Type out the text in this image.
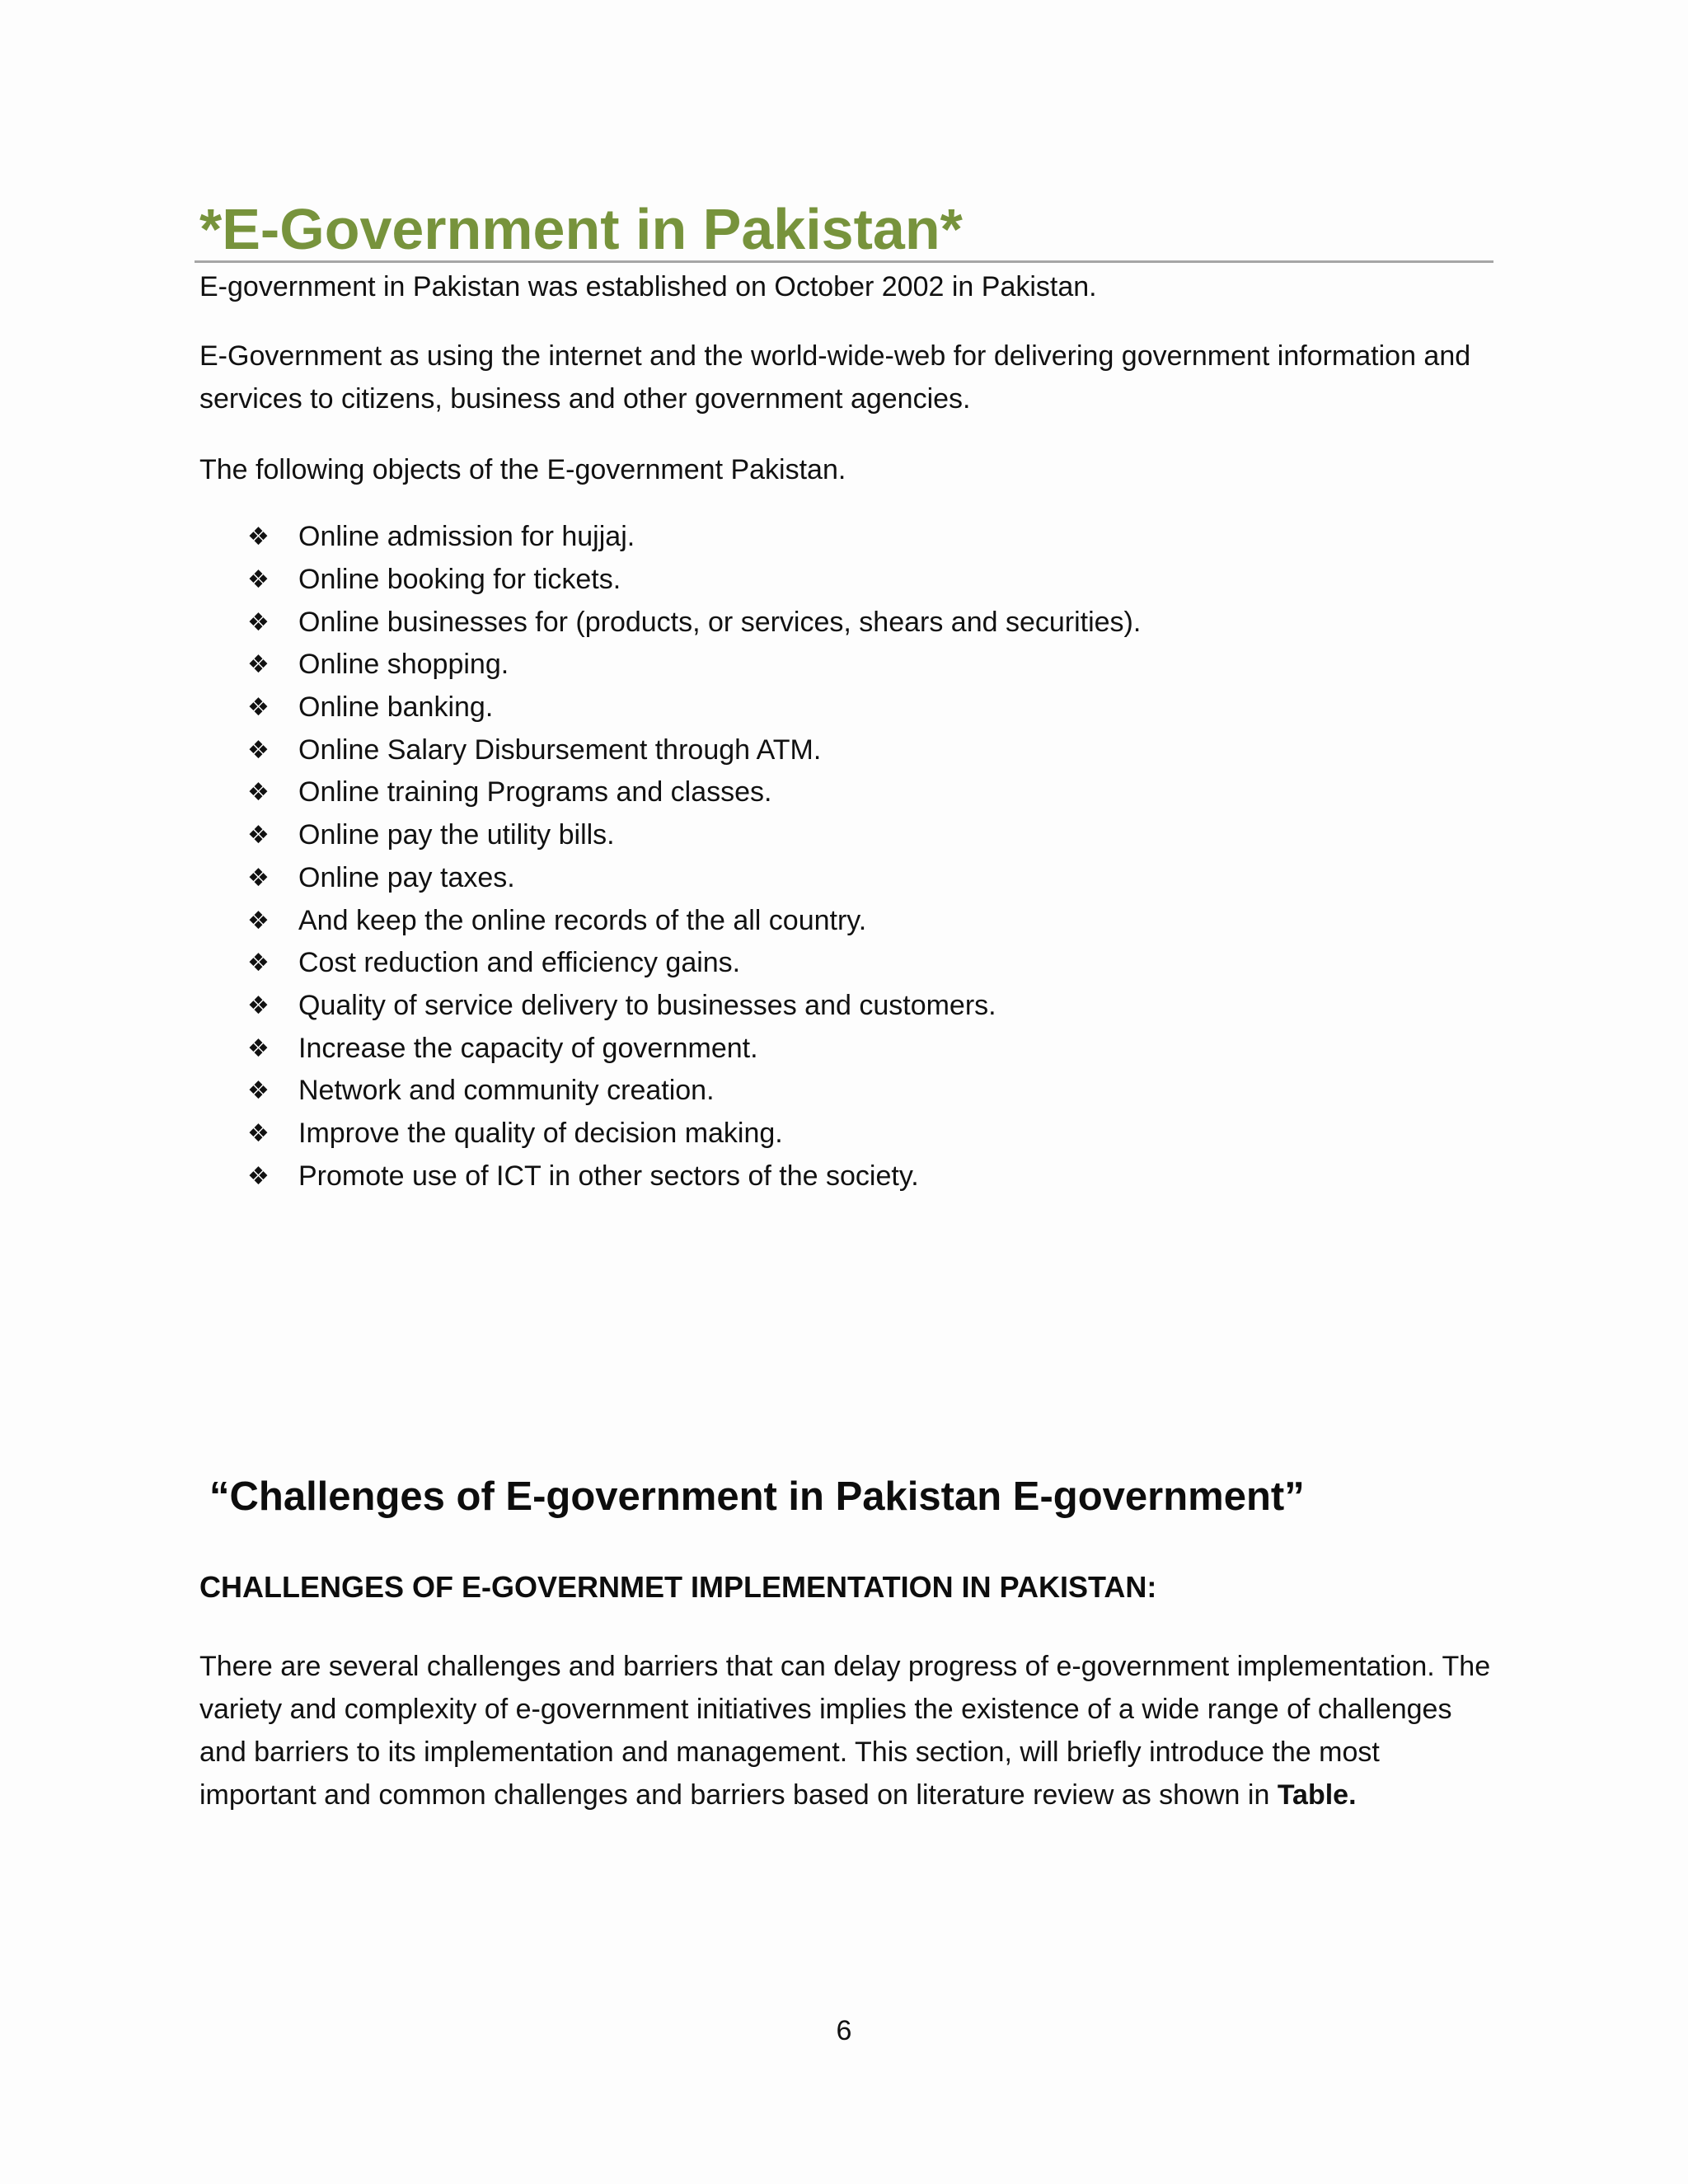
*E-Government in Pakistan*

E-government in Pakistan was established on October 2002 in Pakistan.

E-Government as using the internet and the world-wide-web for delivering government information and services to citizens, business and other government agencies.

The following objects of the E-government Pakistan.

❖	Online admission for hujjaj.
❖	Online booking for tickets.
❖	Online businesses for (products, or services, shears and securities).
❖	Online shopping.
❖	Online banking.
❖	Online Salary Disbursement through ATM.
❖	Online training Programs and classes.
❖	Online pay the utility bills.
❖	Online pay taxes.
❖	And keep the online records of the all country.
❖	Cost reduction and efficiency gains.
❖	Quality of service delivery to businesses and customers.
❖	Increase the capacity of government.
❖	Network and community creation.
❖	Improve the quality of decision making.
❖	Promote use of ICT in other sectors of the society.
“Challenges of E-government in Pakistan E-government”
CHALLENGES OF E-GOVERNMET IMPLEMENTATION IN PAKISTAN:

There are several challenges and barriers that can delay progress of e-government implementation. The variety and complexity of e-government initiatives implies the existence of a wide range of challenges and barriers to its implementation and management. This section, will briefly introduce the most important and common challenges and barriers based on literature review as shown in Table.

6
